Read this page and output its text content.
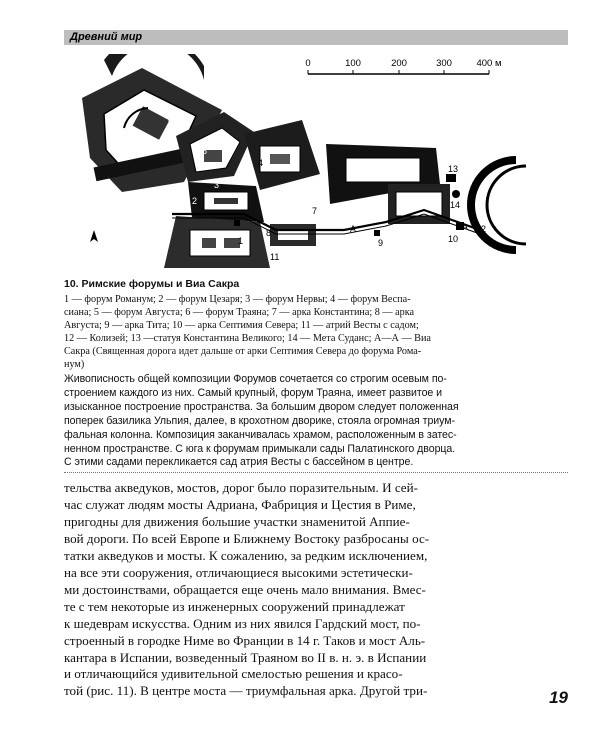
Древний мир
0	100	200	300	400 м
1
2
3
4
5
6
7
8
9	10
11
12
13
14
A	A
10. Римские форумы и Виа Сакра
1 — форум Романум; 2 — форум Цезаря; 3 — форум Нервы; 4 — форум Веспа-
сиана; 5 — форум Августа; 6 — форум Траяна; 7 — арка Константина; 8 — арка
Августа; 9 — арка Тита; 10 — арка Септимия Севера; 11 — атрий Весты с садом;
12 — Колизей; 13 —статуя Константина Великого; 14 — Мета Суданс; А—А — Виа
Сакра (Священная дорога идет дальше от арки Септимия Севера до форума Рома-
нум)
Живописность общей композиции Форумов сочетается со строгим осевым по-
строением каждого из них. Самый крупный, форум Траяна, имеет развитое и
изысканное построение пространства. За большим двором следует положенная
поперек базилика Ульпия, далее, в крохотном дворике, стояла огромная триум-
фальная колонна. Композиция заканчивалась храмом, расположенным в затес-
ненном пространстве. С юга к форумам примыкали сады Палатинского дворца.
С этими садами перекликается сад атрия Весты с бассейном в центре.
тельства акведуков, мостов, дорог было поразительным. И сей-
час служат людям мосты Адриана, Фабриция и Цестия в Риме,
пригодны для движения большие участки знаменитой Аппие-
вой дороги. По всей Европе и Ближнему Востоку разбросаны ос-
татки акведуков и мосты. К сожалению, за редким исключением,
на все эти сооружения, отличающиеся высокими эстетически-
ми достоинствами, обращается еще очень мало внимания. Вмес-
те с тем некоторые из инженерных сооружений принадлежат
к шедеврам искусства. Одним из них явился Гардский мост, по-
строенный в городке Ниме во Франции в 14 г. Таков и мост Аль-
кантара в Испании, возведенный Траяном во II в. н. э. в Испании
и отличающийся удивительной смелостью решения и красо-
той (рис. 11). В центре моста — триумфальная арка. Другой три-	19
